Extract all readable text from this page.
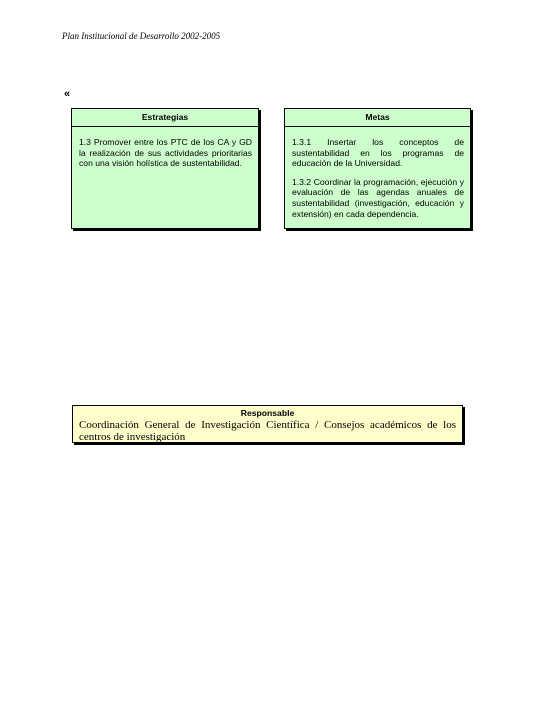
Plan Institucional de Desarrollo 2002-2005
«
Estrategias
1.3 Promover entre los PTC de los CA y GD la realización de sus actividades prioritarias con una visión holística de sustentabilidad.
Metas

1.3.1 Insertar los conceptos de sustentabilidad en los programas de educación de la Universidad.

1.3.2 Coordinar la programación, ejecución y evaluación de las agendas anuales de sustentabilidad (investigación, educación y extensión) en cada dependencia.

Responsable
Coordinación General de Investigación Científica / Consejos académicos de los centros de investigación
